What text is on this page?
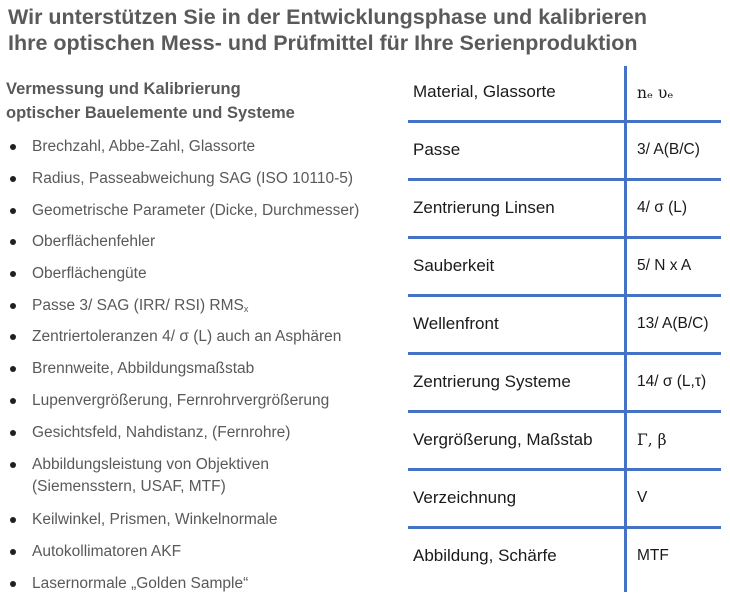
Wir unterstützen Sie in der Entwicklungsphase und kalibrieren
Ihre optischen Mess- und Prüfmittel für Ihre Serienproduktion
Vermessung und Kalibrierung
optischer Bauelemente und Systeme
Brechzahl, Abbe-Zahl, Glassorte
Radius, Passeabweichung SAG (ISO 10110-5)
Geometrische Parameter (Dicke, Durchmesser)
Oberflächenfehler
Oberflächengüte
Passe 3/ SAG (IRR/ RSI) $RMS_x$
Zentriertoleranzen 4/ σ (L) auch an Asphären
Brennweite, Abbildungsmaßstab
Lupenvergrößerung, Fernrohrvergrößerung
Gesichtsfeld, Nahdistanz, (Fernrohre)
Abbildungsleistung von Objektiven
(Siemensstern, USAF, MTF)
Keilwinkel, Prismen, Winkelnormale
Autokollimatoren AKF
Lasernormale „Golden Sample“
Material, Glassorte	nₑ υₑ
Passe	3/ A(B/C)
Zentrierung Linsen	4/ σ (L)
Sauberkeit	5/ N x A
Wellenfront	13/ A(B/C)
Zentrierung Systeme	14/ σ (L,τ)
Vergrößerung, Maßstab	Γ, β
Verzeichnung	V
Abbildung, Schärfe	MTF
